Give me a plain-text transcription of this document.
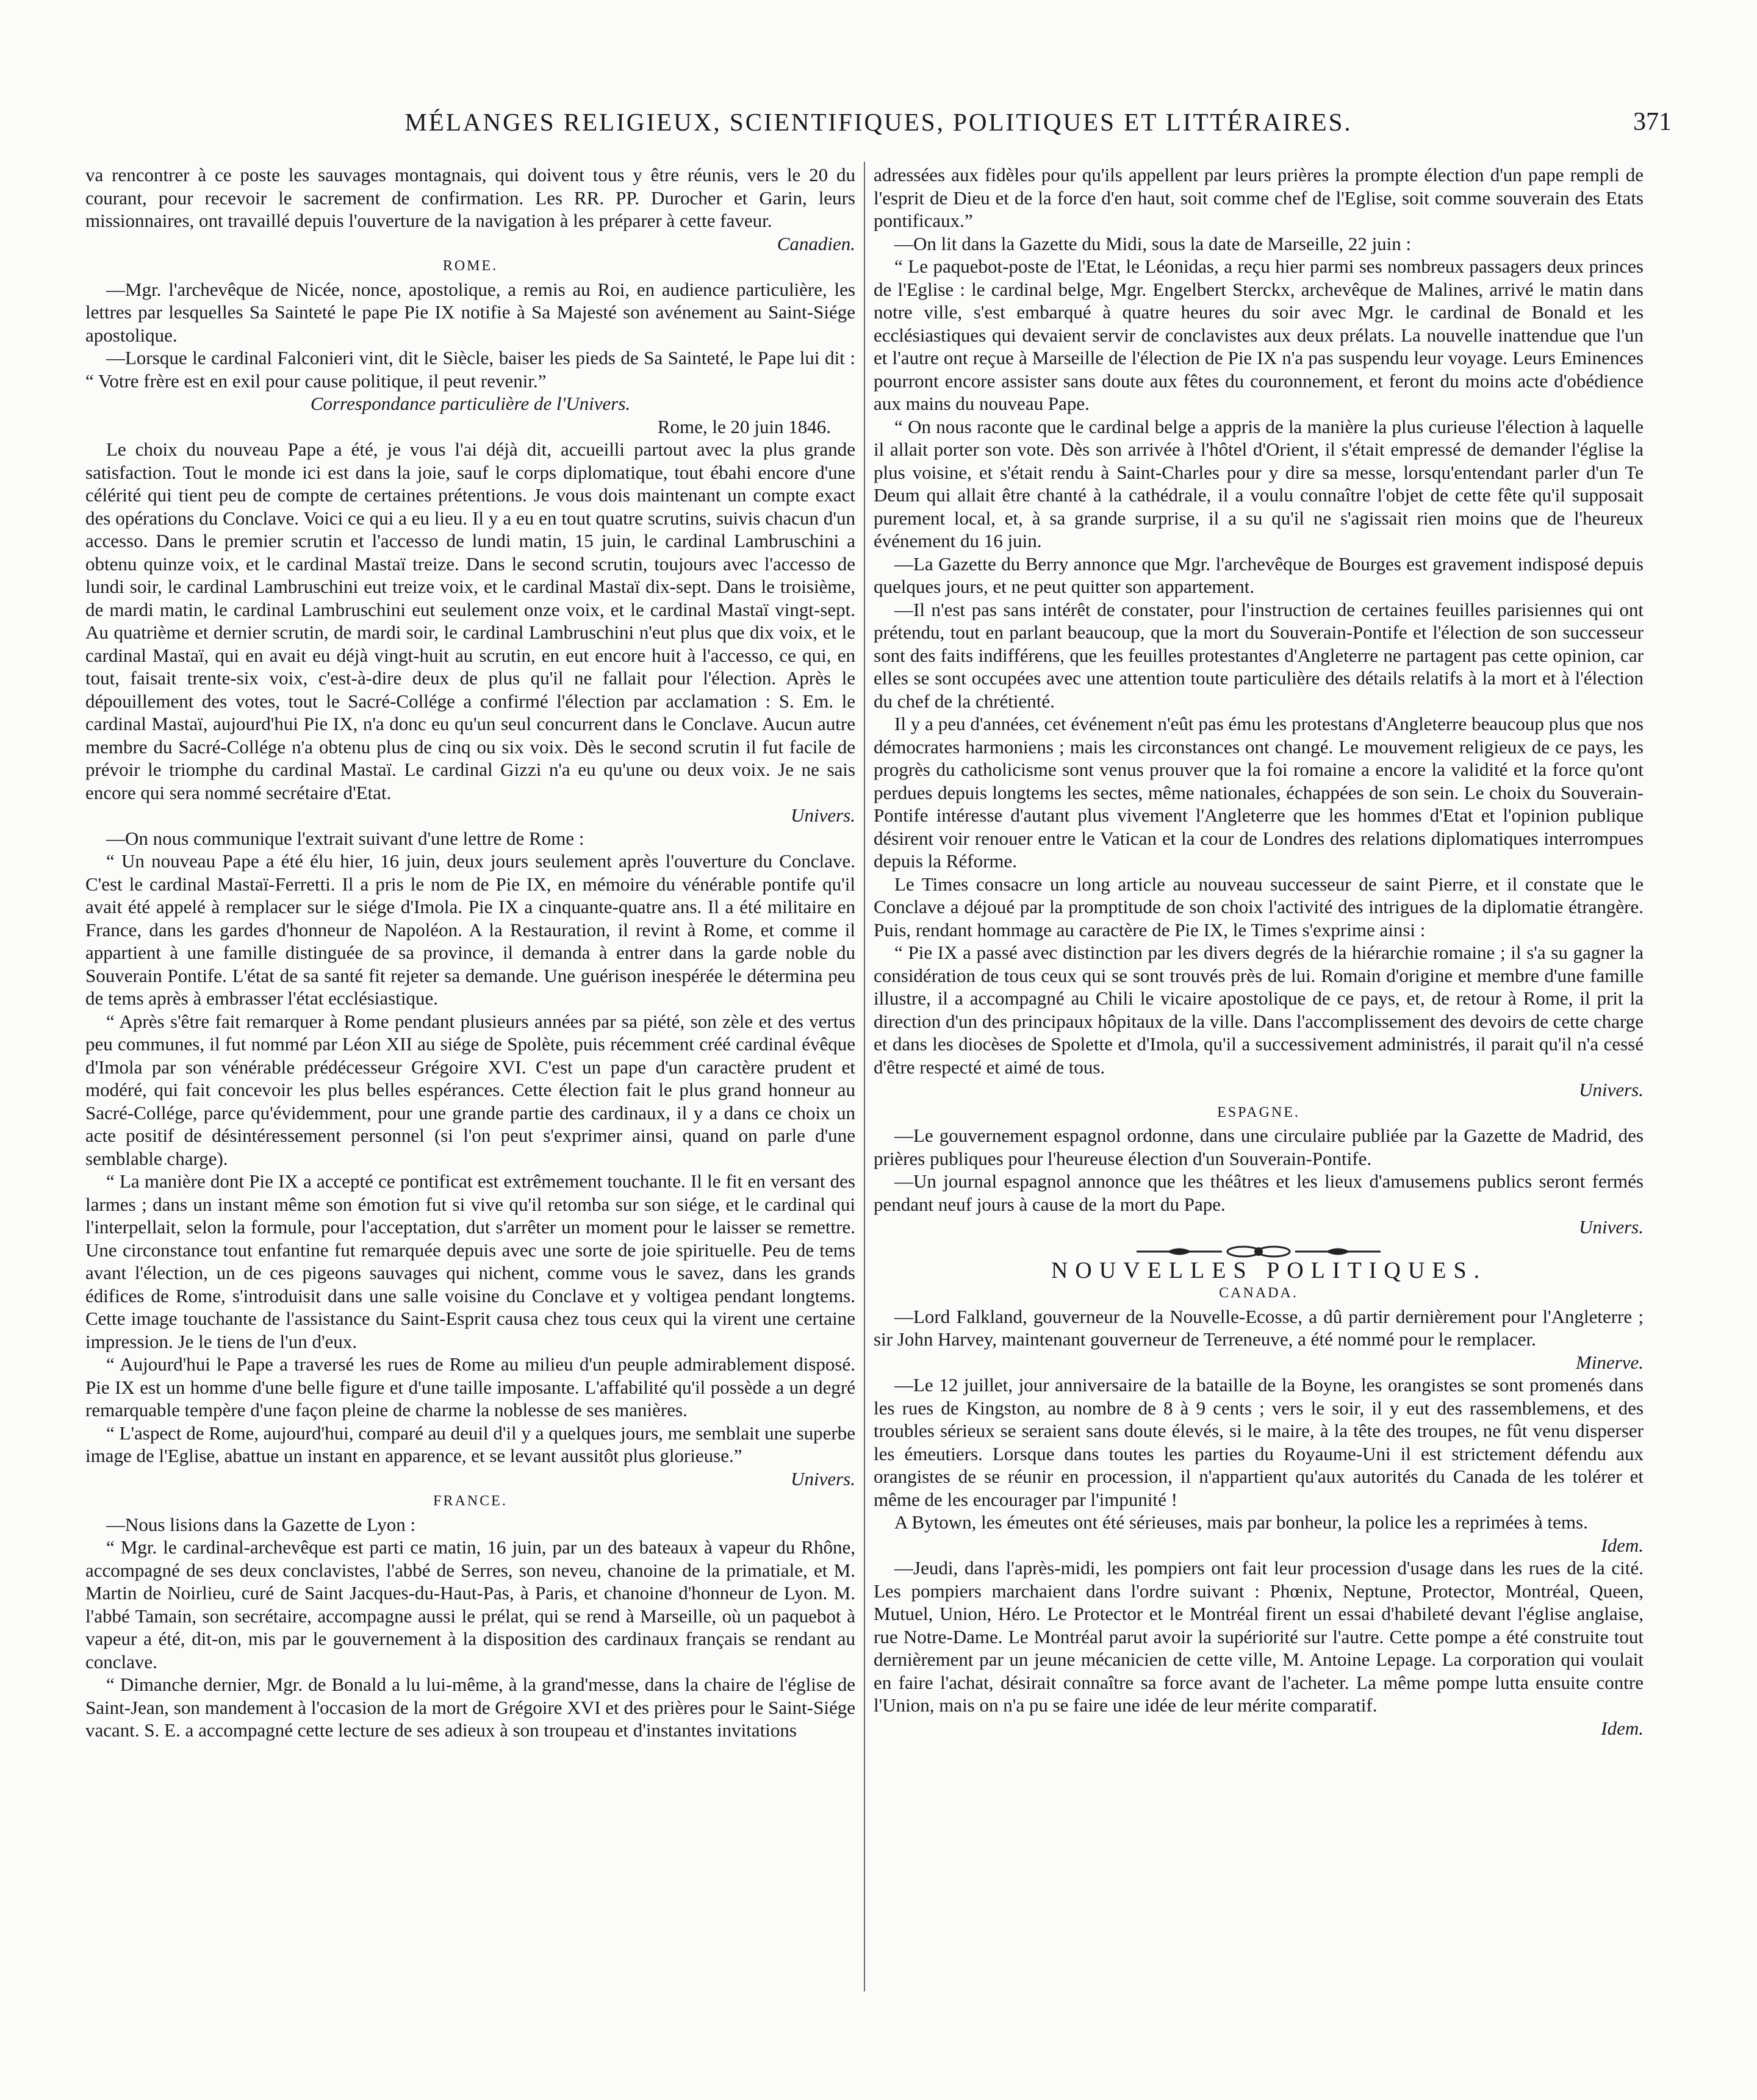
MÉLANGES RELIGIEUX, SCIENTIFIQUES, POLITIQUES ET LITTÉRAIRES.	371

va rencontrer à ce poste les sauvages montagnais, qui doivent tous y être réunis, vers le 20 du courant, pour recevoir le sacrement de confirmation. Les RR. PP. Durocher et Garin, leurs missionnaires, ont travaillé depuis l'ouverture de la navigation à les préparer à cette faveur.

Canadien.

ROME.

—Mgr. l'archevêque de Nicée, nonce, apostolique, a remis au Roi, en audience particulière, les lettres par lesquelles Sa Sainteté le pape Pie IX notifie à Sa Majesté son avénement au Saint-Siége apostolique.

—Lorsque le cardinal Falconieri vint, dit le Siècle, baiser les pieds de Sa Sainteté, le Pape lui dit : “ Votre frère est en exil pour cause politique, il peut revenir.”

Correspondance particulière de l'Univers.

Rome, le 20 juin 1846.

Le choix du nouveau Pape a été, je vous l'ai déjà dit, accueilli partout avec la plus grande satisfaction. Tout le monde ici est dans la joie, sauf le corps diplomatique, tout ébahi encore d'une célérité qui tient peu de compte de certaines prétentions. Je vous dois maintenant un compte exact des opérations du Conclave. Voici ce qui a eu lieu. Il y a eu en tout quatre scrutins, suivis chacun d'un accesso. Dans le premier scrutin et l'accesso de lundi matin, 15 juin, le cardinal Lambruschini a obtenu quinze voix, et le cardinal Mastaï treize. Dans le second scrutin, toujours avec l'accesso de lundi soir, le cardinal Lambruschini eut treize voix, et le cardinal Mastaï dix-sept. Dans le troisième, de mardi matin, le cardinal Lambruschini eut seulement onze voix, et le cardinal Mastaï vingt-sept. Au quatrième et dernier scrutin, de mardi soir, le cardinal Lambruschini n'eut plus que dix voix, et le cardinal Mastaï, qui en avait eu déjà vingt-huit au scrutin, en eut encore huit à l'accesso, ce qui, en tout, faisait trente-six voix, c'est-à-dire deux de plus qu'il ne fallait pour l'élection. Après le dépouillement des votes, tout le Sacré-Collége a confirmé l'élection par acclamation : S. Em. le cardinal Mastaï, aujourd'hui Pie IX, n'a donc eu qu'un seul concurrent dans le Conclave. Aucun autre membre du Sacré-Collége n'a obtenu plus de cinq ou six voix. Dès le second scrutin il fut facile de prévoir le triomphe du cardinal Mastaï. Le cardinal Gizzi n'a eu qu'une ou deux voix. Je ne sais encore qui sera nommé secrétaire d'Etat.

Univers.

—On nous communique l'extrait suivant d'une lettre de Rome :

“ Un nouveau Pape a été élu hier, 16 juin, deux jours seulement après l'ouverture du Conclave. C'est le cardinal Mastaï-Ferretti. Il a pris le nom de Pie IX, en mémoire du vénérable pontife qu'il avait été appelé à remplacer sur le siége d'Imola. Pie IX a cinquante-quatre ans. Il a été militaire en France, dans les gardes d'honneur de Napoléon. A la Restauration, il revint à Rome, et comme il appartient à une famille distinguée de sa province, il demanda à entrer dans la garde noble du Souverain Pontife. L'état de sa santé fit rejeter sa demande. Une guérison inespérée le détermina peu de tems après à embrasser l'état ecclésiastique.

“ Après s'être fait remarquer à Rome pendant plusieurs années par sa piété, son zèle et des vertus peu communes, il fut nommé par Léon XII au siége de Spolète, puis récemment créé cardinal évêque d'Imola par son vénérable prédécesseur Grégoire XVI. C'est un pape d'un caractère prudent et modéré, qui fait concevoir les plus belles espérances. Cette élection fait le plus grand honneur au Sacré-Collége, parce qu'évidemment, pour une grande partie des cardinaux, il y a dans ce choix un acte positif de désintéressement personnel (si l'on peut s'exprimer ainsi, quand on parle d'une semblable charge).

“ La manière dont Pie IX a accepté ce pontificat est extrêmement touchante. Il le fit en versant des larmes ; dans un instant même son émotion fut si vive qu'il retomba sur son siége, et le cardinal qui l'interpellait, selon la formule, pour l'acceptation, dut s'arrêter un moment pour le laisser se remettre. Une circonstance tout enfantine fut remarquée depuis avec une sorte de joie spirituelle. Peu de tems avant l'élection, un de ces pigeons sauvages qui nichent, comme vous le savez, dans les grands édifices de Rome, s'introduisit dans une salle voisine du Conclave et y voltigea pendant longtems. Cette image touchante de l'assistance du Saint-Esprit causa chez tous ceux qui la virent une certaine impression. Je le tiens de l'un d'eux.

“ Aujourd'hui le Pape a traversé les rues de Rome au milieu d'un peuple admirablement disposé. Pie IX est un homme d'une belle figure et d'une taille imposante. L'affabilité qu'il possède a un degré remarquable tempère d'une façon pleine de charme la noblesse de ses manières.

“ L'aspect de Rome, aujourd'hui, comparé au deuil d'il y a quelques jours, me semblait une superbe image de l'Eglise, abattue un instant en apparence, et se levant aussitôt plus glorieuse.”

Univers.

FRANCE.

—Nous lisions dans la Gazette de Lyon :

“ Mgr. le cardinal-archevêque est parti ce matin, 16 juin, par un des bateaux à vapeur du Rhône, accompagné de ses deux conclavistes, l'abbé de Serres, son neveu, chanoine de la primatiale, et M. Martin de Noirlieu, curé de Saint Jacques-du-Haut-Pas, à Paris, et chanoine d'honneur de Lyon. M. l'abbé Tamain, son secrétaire, accompagne aussi le prélat, qui se rend à Marseille, où un paquebot à vapeur a été, dit-on, mis par le gouvernement à la disposition des cardinaux français se rendant au conclave.

“ Dimanche dernier, Mgr. de Bonald a lu lui-même, à la grand'messe, dans la chaire de l'église de Saint-Jean, son mandement à l'occasion de la mort de Grégoire XVI et des prières pour le Saint-Siége vacant. S. E. a accompagné cette lecture de ses adieux à son troupeau et d'instantes invitations

adressées aux fidèles pour qu'ils appellent par leurs prières la prompte élection d'un pape rempli de l'esprit de Dieu et de la force d'en haut, soit comme chef de l'Eglise, soit comme souverain des Etats pontificaux.”

—On lit dans la Gazette du Midi, sous la date de Marseille, 22 juin :

“ Le paquebot-poste de l'Etat, le Léonidas, a reçu hier parmi ses nombreux passagers deux princes de l'Eglise : le cardinal belge, Mgr. Engelbert Sterckx, archevêque de Malines, arrivé le matin dans notre ville, s'est embarqué à quatre heures du soir avec Mgr. le cardinal de Bonald et les ecclésiastiques qui devaient servir de conclavistes aux deux prélats. La nouvelle inattendue que l'un et l'autre ont reçue à Marseille de l'élection de Pie IX n'a pas suspendu leur voyage. Leurs Eminences pourront encore assister sans doute aux fêtes du couronnement, et feront du moins acte d'obédience aux mains du nouveau Pape.

“ On nous raconte que le cardinal belge a appris de la manière la plus curieuse l'élection à laquelle il allait porter son vote. Dès son arrivée à l'hôtel d'Orient, il s'était empressé de demander l'église la plus voisine, et s'était rendu à Saint-Charles pour y dire sa messe, lorsqu'entendant parler d'un Te Deum qui allait être chanté à la cathédrale, il a voulu connaître l'objet de cette fête qu'il supposait purement local, et, à sa grande surprise, il a su qu'il ne s'agissait rien moins que de l'heureux événement du 16 juin.

—La Gazette du Berry annonce que Mgr. l'archevêque de Bourges est gravement indisposé depuis quelques jours, et ne peut quitter son appartement.

—Il n'est pas sans intérêt de constater, pour l'instruction de certaines feuilles parisiennes qui ont prétendu, tout en parlant beaucoup, que la mort du Souverain-Pontife et l'élection de son successeur sont des faits indifférens, que les feuilles protestantes d'Angleterre ne partagent pas cette opinion, car elles se sont occupées avec une attention toute particulière des détails relatifs à la mort et à l'élection du chef de la chrétienté.

Il y a peu d'années, cet événement n'eût pas ému les protestans d'Angleterre beaucoup plus que nos démocrates harmoniens ; mais les circonstances ont changé. Le mouvement religieux de ce pays, les progrès du catholicisme sont venus prouver que la foi romaine a encore la validité et la force qu'ont perdues depuis longtems les sectes, même nationales, échappées de son sein. Le choix du Souverain-Pontife intéresse d'autant plus vivement l'Angleterre que les hommes d'Etat et l'opinion publique désirent voir renouer entre le Vatican et la cour de Londres des relations diplomatiques interrompues depuis la Réforme.

Le Times consacre un long article au nouveau successeur de saint Pierre, et il constate que le Conclave a déjoué par la promptitude de son choix l'activité des intrigues de la diplomatie étrangère. Puis, rendant hommage au caractère de Pie IX, le Times s'exprime ainsi :

“ Pie IX a passé avec distinction par les divers degrés de la hiérarchie romaine ; il s'a su gagner la considération de tous ceux qui se sont trouvés près de lui. Romain d'origine et membre d'une famille illustre, il a accompagné au Chili le vicaire apostolique de ce pays, et, de retour à Rome, il prit la direction d'un des principaux hôpitaux de la ville. Dans l'accomplissement des devoirs de cette charge et dans les diocèses de Spolette et d'Imola, qu'il a successivement administrés, il parait qu'il n'a cessé d'être respecté et aimé de tous.

Univers.

ESPAGNE.

—Le gouvernement espagnol ordonne, dans une circulaire publiée par la Gazette de Madrid, des prières publiques pour l'heureuse élection d'un Souverain-Pontife.

—Un journal espagnol annonce que les théâtres et les lieux d'amusemens publics seront fermés pendant neuf jours à cause de la mort du Pape.

Univers.

NOUVELLES POLITIQUES.

CANADA.

—Lord Falkland, gouverneur de la Nouvelle-Ecosse, a dû partir dernièrement pour l'Angleterre ; sir John Harvey, maintenant gouverneur de Terreneuve, a été nommé pour le remplacer.

Minerve.

—Le 12 juillet, jour anniversaire de la bataille de la Boyne, les orangistes se sont promenés dans les rues de Kingston, au nombre de 8 à 9 cents ; vers le soir, il y eut des rassemblemens, et des troubles sérieux se seraient sans doute élevés, si le maire, à la tête des troupes, ne fût venu disperser les émeutiers. Lorsque dans toutes les parties du Royaume-Uni il est strictement défendu aux orangistes de se réunir en procession, il n'appartient qu'aux autorités du Canada de les tolérer et même de les encourager par l'impunité !

A Bytown, les émeutes ont été sérieuses, mais par bonheur, la police les a reprimées à tems.

Idem.

—Jeudi, dans l'après-midi, les pompiers ont fait leur procession d'usage dans les rues de la cité. Les pompiers marchaient dans l'ordre suivant : Phœnix, Neptune, Protector, Montréal, Queen, Mutuel, Union, Héro. Le Protector et le Montréal firent un essai d'habileté devant l'église anglaise, rue Notre-Dame. Le Montréal parut avoir la supériorité sur l'autre. Cette pompe a été construite tout dernièrement par un jeune mécanicien de cette ville, M. Antoine Lepage. La corporation qui voulait en faire l'achat, désirait connaître sa force avant de l'acheter. La même pompe lutta ensuite contre l'Union, mais on n'a pu se faire une idée de leur mérite comparatif.

Idem.
